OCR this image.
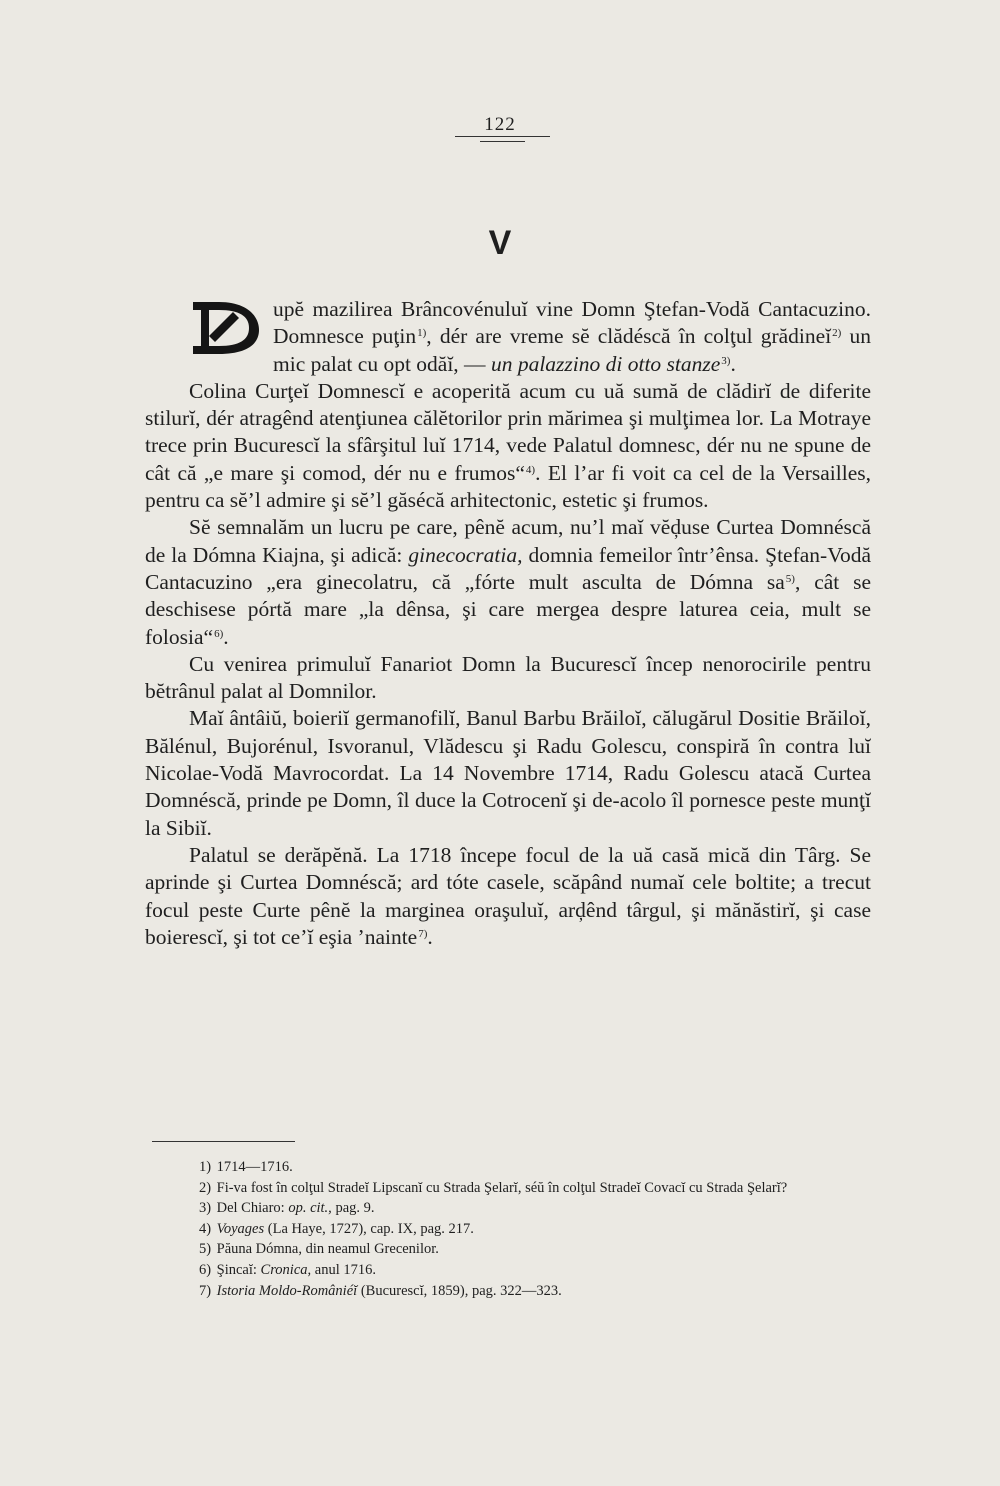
122
V

upĕ mazilirea Brâncovénuluĭ vine Domn Ştefan-Vodă Cantacuzino. Domnesce puţin$^{1)}$, dér are vreme sĕ clădéscă în colţul grădineĭ$^{2)}$ un mic palat cu opt odăĭ, — un palazzino di otto stanze$^{3)}$.

Colina Curţeĭ Domnescĭ e acoperită acum cu uă sumă de clădirĭ de diferite stilurĭ, dér atragênd atenţiunea călĕtorilor prin mărimea şi mulţimea lor. La Motraye trece prin Bucurescĭ la sfârşitul luĭ 1714, vede Palatul domnesc, dér nu ne spune de cât că „e mare şi comod, dér nu e frumos“$^{4)}$. El l’ar fi voit ca cel de la Versailles, pentru ca sĕ’l admire şi sĕ’l găsécă arhitectonic, estetic şi frumos.

Sĕ semnalăm un lucru pe care, pênĕ acum, nu’l maĭ vĕḑuse Curtea Domnéscă de la Dómna Kiajna, şi adică: ginecocratia, domnia femeilor într’ênsa. Ştefan-Vodă Cantacuzino „era ginecolatru, că „fórte mult asculta de Dómna $sa^{5)}$, cât se deschisese pórtă mare „la dênsa, şi care mergea despre laturea ceia, mult se folosia“$^{6)}$.

Cu venirea primuluĭ Fanariot Domn la Bucurescĭ încep nenorocirile pentru bĕtrânul palat al Domnilor.

Maĭ ântâiŭ, boieriĭ germanofilĭ, Banul Barbu Brăiloĭ, călugărul Dositie Brăiloĭ, Bălénul, Bujorénul, Isvoranul, Vlădescu şi Radu Golescu, conspiră în contra luĭ Nicolae-Vodă Mavrocordat. La 14 Novembre 1714, Radu Golescu atacă Curtea Domnéscă, prinde pe Domn, îl duce la Cotrocenĭ şi de-acolo îl pornesce peste munţĭ la Sibiĭ.

Palatul se derăpĕnă. La 1718 începe focul de la uă casă mică din Târg. Se aprinde şi Curtea Domnéscă; ard tóte casele, scăpând numaĭ cele boltite; a trecut focul peste Curte pênĕ la marginea oraşuluĭ, arḑênd târgul, şi mănăstirĭ, şi case boierescĭ, şi tot ce’ĭ eşia ’nainte$^{7)}$.

1) 1714—1716.

2) Fi-va fost în colţul Stradeĭ Lipscanĭ cu Strada Şelarĭ, séŭ în colţul Stradeĭ Covacĭ cu Strada Şelarĭ?

3) Del Chiaro: op. cit., pag. 9.

4) Voyages (La Haye, 1727), cap. IX, pag. 217.

5) Păuna Dómna, din neamul Grecenilor.

6) Şincaĭ: Cronica, anul 1716.

7) Istoria Moldo-Româniéĭ (Bucurescĭ, 1859), pag. 322—323.
